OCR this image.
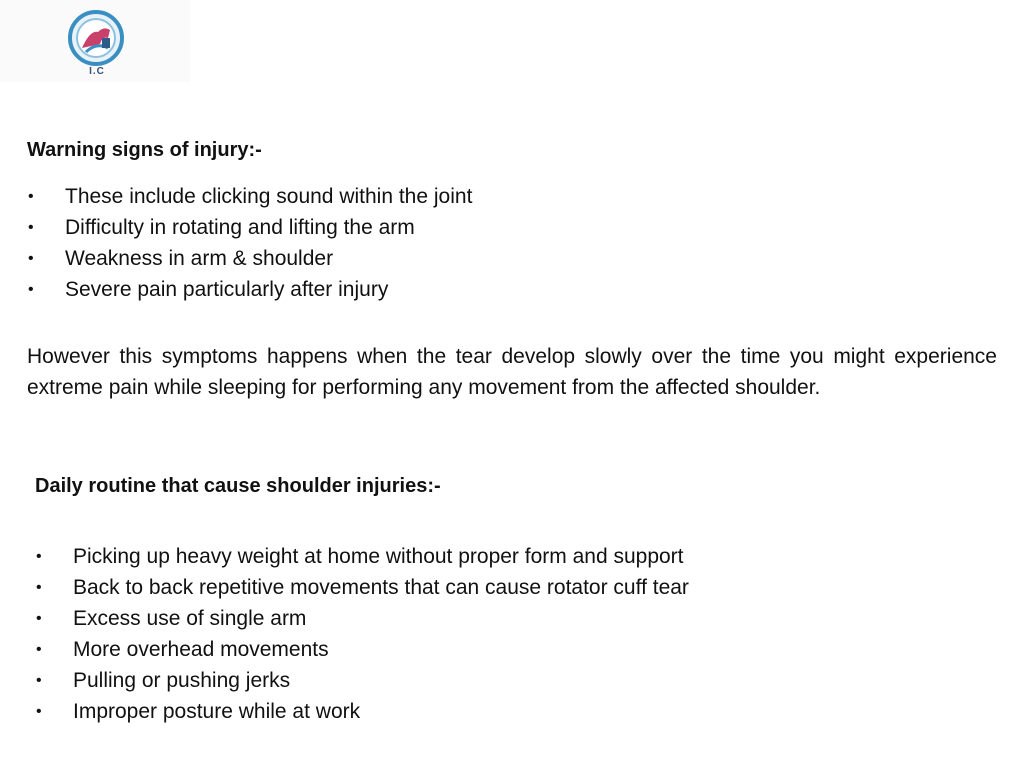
I.C
Warning signs of injury:-
• These include clicking sound within the joint
• Difficulty in rotating and lifting the arm
• Weakness in arm & shoulder
• Severe pain particularly after injury

However this symptoms happens when the tear develop slowly over the time you might experience extreme pain while sleeping for performing any movement from the affected shoulder.

Daily routine that cause shoulder injuries:-
• Picking up heavy weight at home without proper form and support
• Back to back repetitive movements that can cause rotator cuff tear
• Excess use of single arm
• More overhead movements
• Pulling or pushing jerks
• Improper posture while at work
